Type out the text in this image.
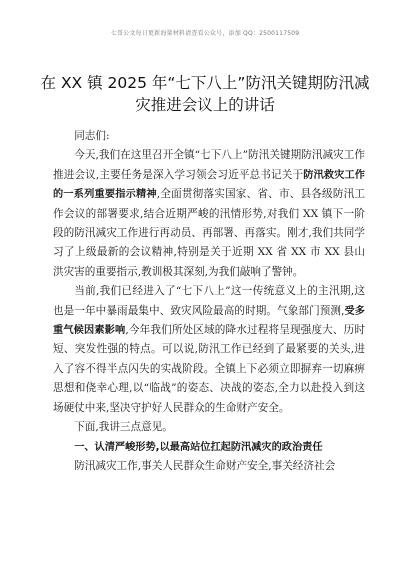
七哥公文每日更新海量材料请查看公众号，添加 QQ：2500117509
在 XX 镇 2025 年“七下八上”防汛关键期防汛减灾推进会议上的讲话

同志们:

今天,我们在这里召开全镇“七下八上”防汛关键期防汛减灾工作推进会议,主要任务是深入学习领会习近平总书记关于防汛救灾工作的一系列重要指示精神,全面贯彻落实国家、省、市、县各级防汛工作会议的部署要求,结合近期严峻的汛情形势,对我们 XX 镇下一阶段的防汛减灾工作进行再动员、再部署、再落实。刚才,我们共同学习了上级最新的会议精神,特别是关于近期 XX 省 XX 市 XX 县山洪灾害的重要指示,教训极其深刻,为我们敲响了警钟。

当前,我们已经进入了“七下八上”这一传统意义上的主汛期,这也是一年中暴雨最集中、致灾风险最高的时期。气象部门预测,受多重气候因素影响,今年我们所处区域的降水过程将呈现强度大、历时短、突发性强的特点。可以说,防汛工作已经到了最紧要的关头,进入了容不得半点闪失的实战阶段。全镇上下必须立即摒弃一切麻痹思想和侥幸心理,以“临战”的姿态、决战的姿态,全力以赴投入到这场硬仗中来,坚决守护好人民群众的生命财产安全。

下面,我讲三点意见。

一、认清严峻形势,以最高站位扛起防汛减灾的政治责任

防汛减灾工作,事关人民群众生命财产安全,事关经济社会
